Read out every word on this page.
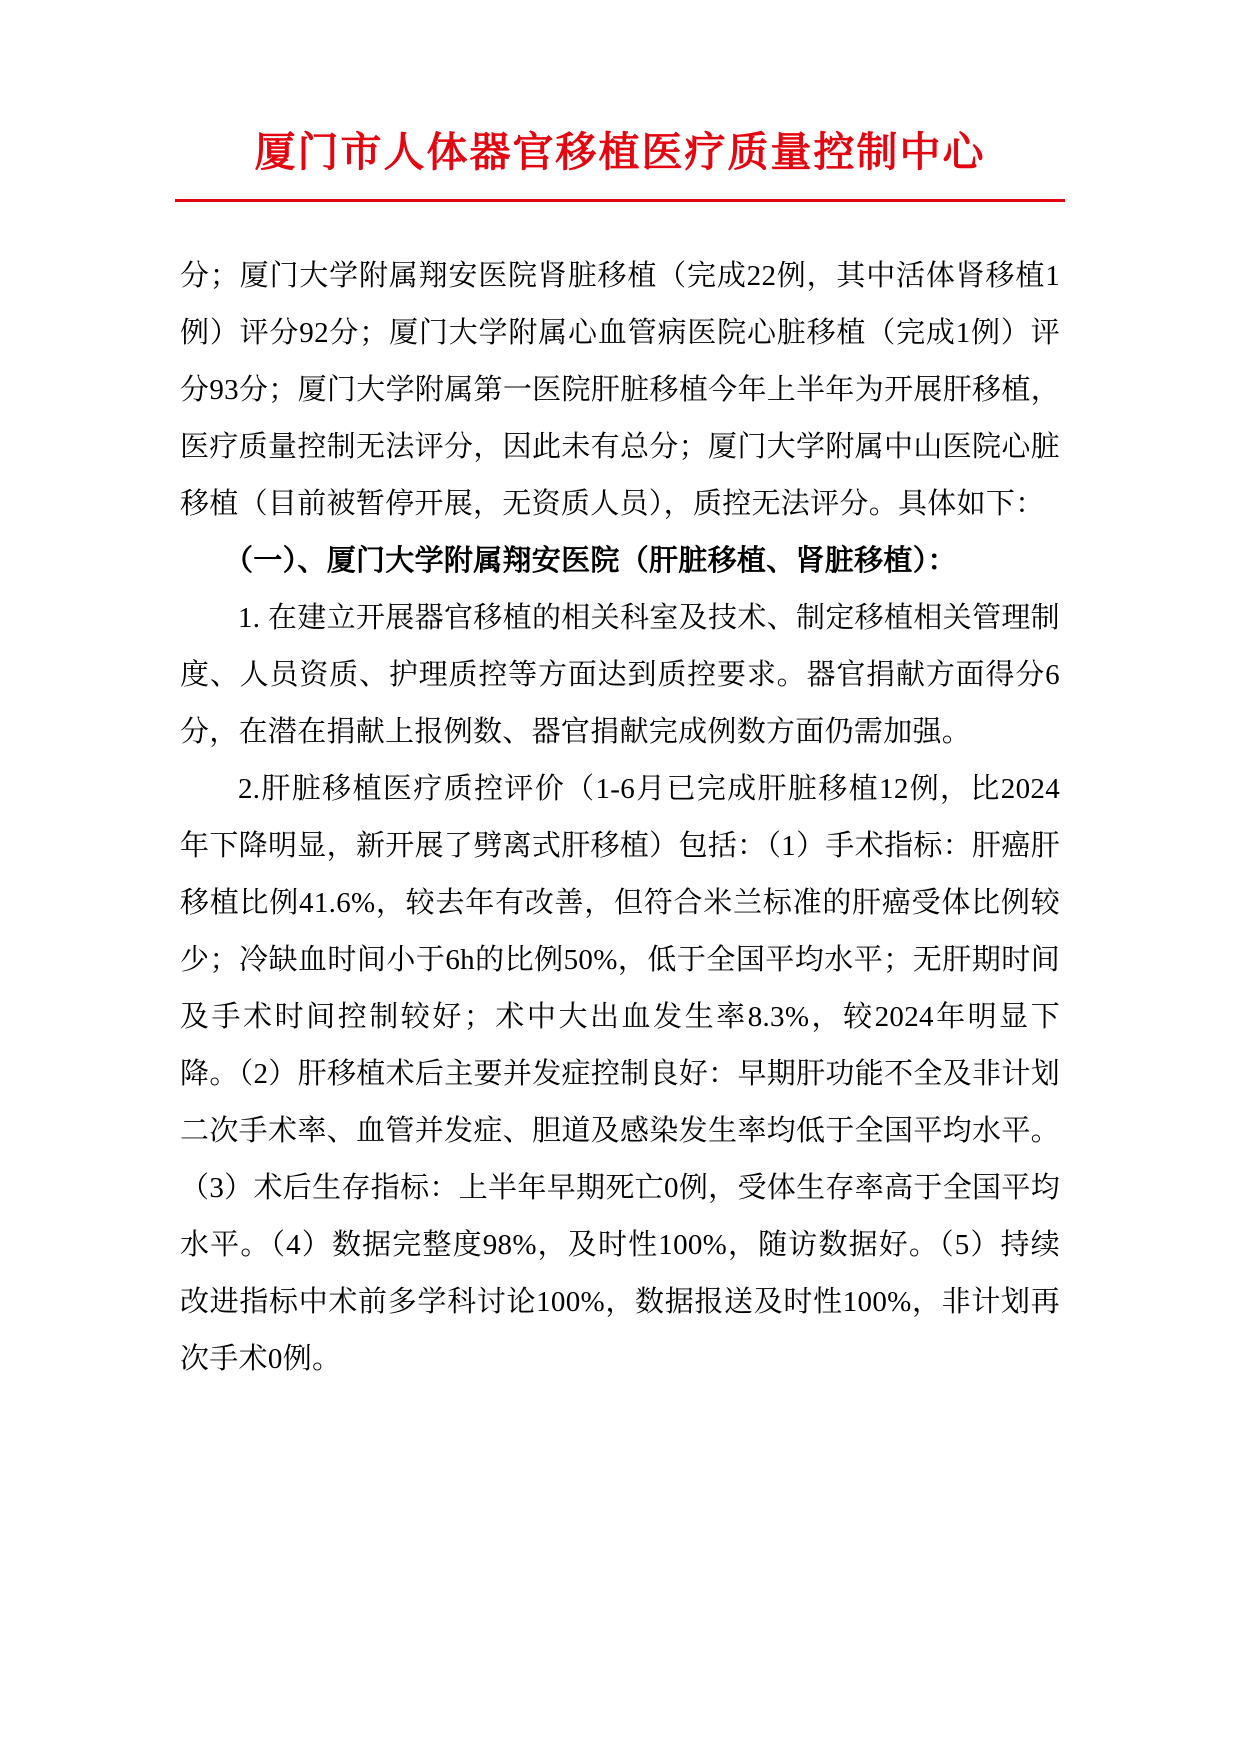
厦门市人体器官移植医疗质量控制中心

分；厦门大学附属翔安医院肾脏移植（完成22例，其中活体肾移植1例）评分92分；厦门大学附属心血管病医院心脏移植（完成1例）评分93分；厦门大学附属第一医院肝脏移植今年上半年为开展肝移植，医疗质量控制无法评分，因此未有总分；厦门大学附属中山医院心脏移植（目前被暂停开展，无资质人员），质控无法评分。具体如下：

（一）、厦门大学附属翔安医院（肝脏移植、肾脏移植）：

1. 在建立开展器官移植的相关科室及技术、制定移植相关管理制度、人员资质、护理质控等方面达到质控要求。器官捐献方面得分6分，在潜在捐献上报例数、器官捐献完成例数方面仍需加强。

2.肝脏移植医疗质控评价（1-6月已完成肝脏移植12例，比2024年下降明显，新开展了劈离式肝移植）包括：（1）手术指标：肝癌肝移植比例41.6%，较去年有改善，但符合米兰标准的肝癌受体比例较少；冷缺血时间小于6h的比例50%，低于全国平均水平；无肝期时间及手术时间控制较好；术中大出血发生率8.3%，较2024年明显下降。（2）肝移植术后主要并发症控制良好：早期肝功能不全及非计划二次手术率、血管并发症、胆道及感染发生率均低于全国平均水平。（3）术后生存指标：上半年早期死亡0例，受体生存率高于全国平均水平。（4）数据完整度98%，及时性100%，随访数据好。（5）持续改进指标中术前多学科讨论100%，数据报送及时性100%，非计划再次手术0例。
